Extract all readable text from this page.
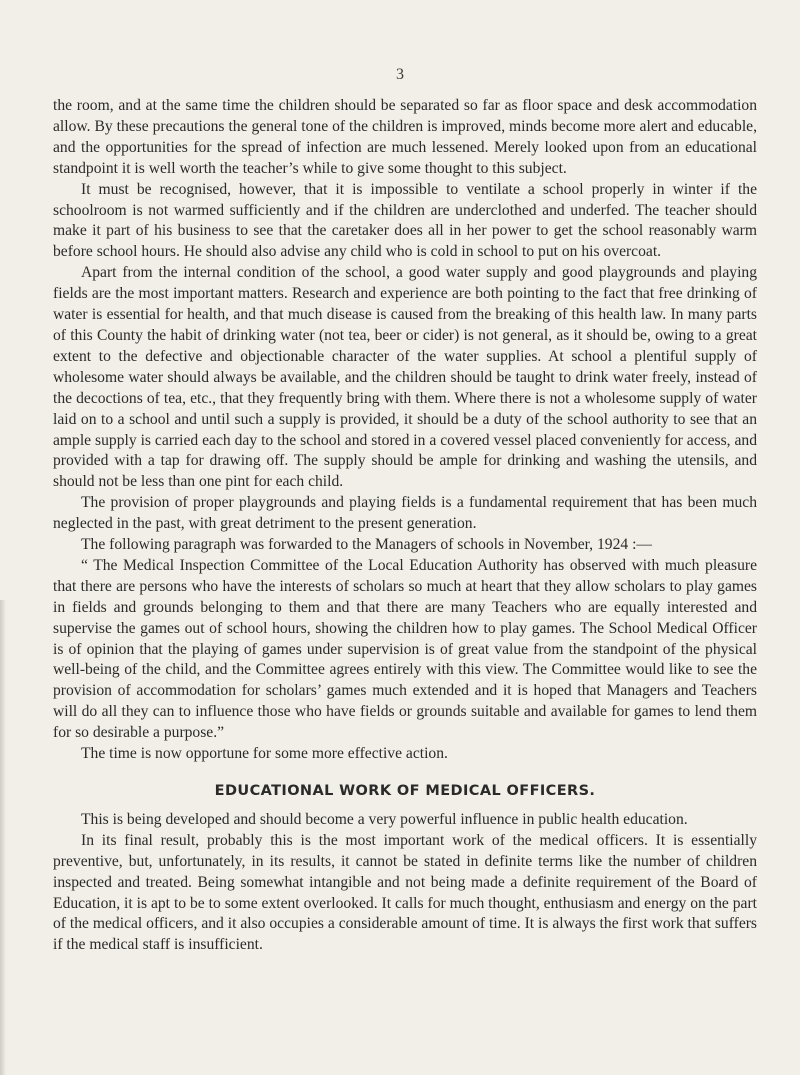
3

the room, and at the same time the children should be separated so far as floor space and desk accommodation allow. By these precautions the general tone of the children is improved, minds become more alert and educable, and the opportunities for the spread of infection are much lessened. Merely looked upon from an educational standpoint it is well worth the teacher’s while to give some thought to this subject.

It must be recognised, however, that it is impossible to ventilate a school properly in winter if the schoolroom is not warmed sufficiently and if the children are underclothed and underfed. The teacher should make it part of his business to see that the caretaker does all in her power to get the school reasonably warm before school hours. He should also advise any child who is cold in school to put on his overcoat.

Apart from the internal condition of the school, a good water supply and good playgrounds and playing fields are the most important matters. Research and experience are both pointing to the fact that free drinking of water is essential for health, and that much disease is caused from the breaking of this health law. In many parts of this County the habit of drinking water (not tea, beer or cider) is not general, as it should be, owing to a great extent to the defective and objectionable character of the water supplies. At school a plentiful supply of wholesome water should always be available, and the children should be taught to drink water freely, instead of the decoctions of tea, etc., that they frequently bring with them. Where there is not a wholesome supply of water laid on to a school and until such a supply is provided, it should be a duty of the school authority to see that an ample supply is carried each day to the school and stored in a covered vessel placed conveniently for access, and provided with a tap for drawing off. The supply should be ample for drinking and washing the utensils, and should not be less than one pint for each child.

The provision of proper playgrounds and playing fields is a fundamental requirement that has been much neglected in the past, with great detriment to the present generation.

The following paragraph was forwarded to the Managers of schools in November, 1924 :—

“ The Medical Inspection Committee of the Local Education Authority has observed with much pleasure that there are persons who have the interests of scholars so much at heart that they allow scholars to play games in fields and grounds belonging to them and that there are many Teachers who are equally interested and supervise the games out of school hours, showing the children how to play games. The School Medical Officer is of opinion that the playing of games under supervision is of great value from the standpoint of the physical well-being of the child, and the Committee agrees entirely with this view. The Committee would like to see the provision of accommodation for scholars’ games much extended and it is hoped that Managers and Teachers will do all they can to influence those who have fields or grounds suitable and available for games to lend them for so desirable a purpose.”

The time is now opportune for some more effective action.

EDUCATIONAL WORK OF MEDICAL OFFICERS.

This is being developed and should become a very powerful influence in public health education.

In its final result, probably this is the most important work of the medical officers. It is essentially preventive, but, unfortunately, in its results, it cannot be stated in definite terms like the number of children inspected and treated. Being somewhat intangible and not being made a definite requirement of the Board of Education, it is apt to be to some extent overlooked. It calls for much thought, enthusiasm and energy on the part of the medical officers, and it also occupies a considerable amount of time. It is always the first work that suffers if the medical staff is insufficient.
